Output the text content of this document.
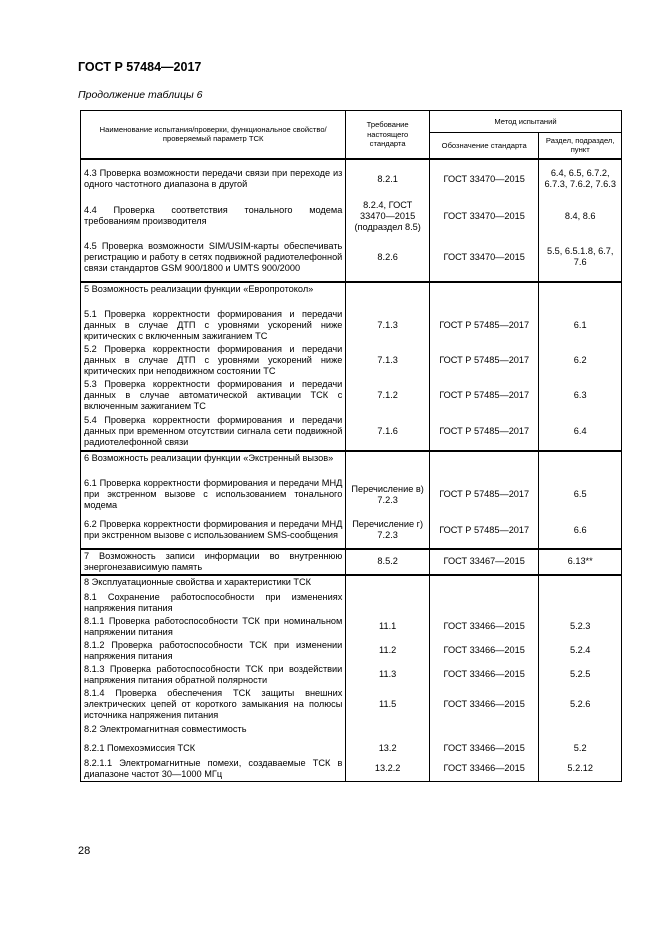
ГОСТ Р 57484—2017
Продолжение таблицы 6
Наименование испытания/проверки, функциональное свойство/проверяемый параметр ТСК	Требование настоящего стандарта	Метод испытаний	
		Обозначение стандарта	Раздел, подраздел, пункт
4.3 Проверка возможности передачи связи при переходе из одного частотного диапазона в другой	8.2.1	ГОСТ 33470—2015	6.4, 6.5, 6.7.2, 6.7.3, 7.6.2, 7.6.3
4.4 Проверка соответствия тонального модема требованиям производителя	8.2.4, ГОСТ 33470—2015 (подраздел 8.5)	ГОСТ 33470—2015	8.4, 8.6
4.5 Проверка возможности SIM/USIM-карты обеспечивать регистрацию и работу в сетях подвижной радиотелефонной связи стандартов GSM 900/1800 и UMTS 900/2000	8.2.6	ГОСТ 33470—2015	5.5, 6.5.1.8, 6.7, 7.6
5 Возможность реализации функции «Европротокол»			
5.1 Проверка корректности формирования и передачи данных в случае ДТП с уровнями ускорений ниже критических с включенным зажиганием ТС	7.1.3	ГОСТ Р 57485—2017	6.1
5.2 Проверка корректности формирования и передачи данных в случае ДТП с уровнями ускорений ниже критических при неподвижном состоянии ТС	7.1.3	ГОСТ Р 57485—2017	6.2
5.3 Проверка корректности формирования и передачи данных в случае автоматической активации ТСК с включенным зажиганием ТС	7.1.2	ГОСТ Р 57485—2017	6.3
5.4 Проверка корректности формирования и передачи данных при временном отсутствии сигнала сети подвижной радиотелефонной связи	7.1.6	ГОСТ Р 57485—2017	6.4
6 Возможность реализации функции «Экстренный вызов»			
6.1 Проверка корректности формирования и передачи МНД при экстренном вызове с использованием тонального модема	Перечисление в) 7.2.3	ГОСТ Р 57485—2017	6.5
6.2 Проверка корректности формирования и передачи МНД при экстренном вызове с использованием SMS-сообщения	Перечисление г) 7.2.3	ГОСТ Р 57485—2017	6.6
7 Возможность записи информации во внутреннюю энергонезависимую память	8.5.2	ГОСТ 33467—2015	6.13**
8 Эксплуатационные свойства и характеристики ТСК			
8.1 Сохранение работоспособности при изменениях напряжения питания			
8.1.1 Проверка работоспособности ТСК при номинальном напряжении питания	11.1	ГОСТ 33466—2015	5.2.3
8.1.2 Проверка работоспособности ТСК при изменении напряжения питания	11.2	ГОСТ 33466—2015	5.2.4
8.1.3 Проверка работоспособности ТСК при воздействии напряжения питания обратной полярности	11.3	ГОСТ 33466—2015	5.2.5
8.1.4 Проверка обеспечения ТСК защиты внешних электрических цепей от короткого замыкания на полюсы источника напряжения питания	11.5	ГОСТ 33466—2015	5.2.6
8.2 Электромагнитная совместимость			
8.2.1 Помехоэмиссия ТСК	13.2	ГОСТ 33466—2015	5.2
8.2.1.1 Электромагнитные помехи, создаваемые ТСК в диапазоне частот 30—1000 МГц	13.2.2	ГОСТ 33466—2015	5.2.12
28
